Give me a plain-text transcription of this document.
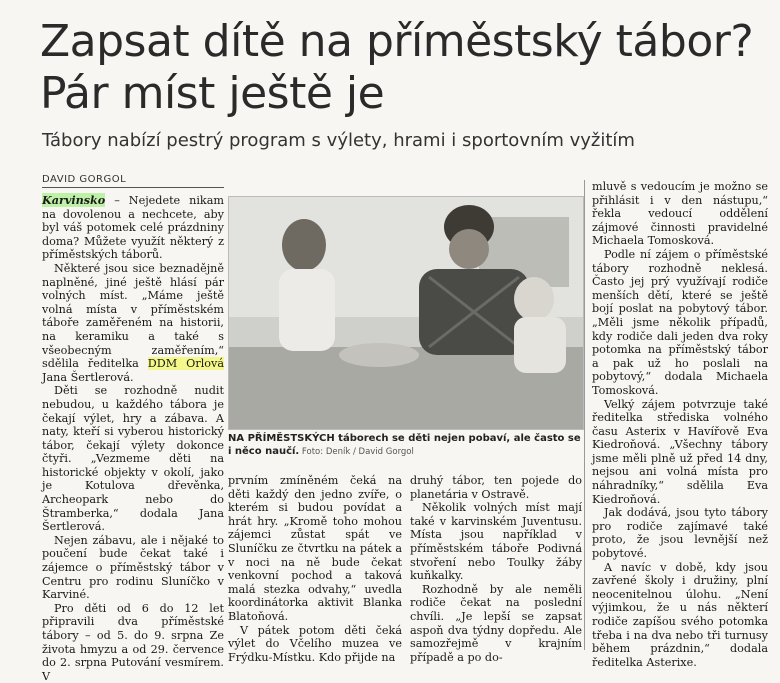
Zapsat dítě na příměstský tábor? Pár míst ještě je
Tábory nabízí pestrý program s výlety, hrami i sportovním vyžitím
DAVID GORGOL

Karvinsko – Nejedete nikam na dovolenou a nechcete, aby byl váš potomek celé prázdniny doma? Můžete využít některý z příměstských táborů.

Některé jsou sice beznadějně naplněné, jiné ještě hlásí pár volných míst. „Máme ještě volná místa v příměstském táboře zaměřeném na historii, na keramiku a také s všeobecným zaměřením,“ sdělila ředitelka DDM Orlová Jana Šertlerová.

Děti se rozhodně nudit nebudou, u každého tábora je čekají výlet, hry a zábava. A naty, kteří si vyberou historický tábor, čekají výlety dokonce čtyři. „Vezmeme děti na historické objekty v okolí, jako je Kotulova dřevěnka, Archeopark nebo do Štramberka,“ dodala Jana Šertlerová.

Nejen zábavu, ale i nějaké to poučení bude čekat také i zájemce o příměstský tábor v Centru pro rodinu Sluníčko v Karviné.

Pro děti od 6 do 12 let připravili dva příměstské tábory – od 5. do 9. srpna Ze života hmyzu a od 29. července do 2. srpna Putování vesmírem. V

NA PŘÍMĚSTSKÝCH táborech se děti nejen pobaví, ale často se i něco naučí. Foto: Deník / David Gorgol

prvním zmíněném čeká na děti každý den jedno zvíře, o kterém si budou povídat a hrát hry. „Kromě toho mohou zájemci zůstat spát ve Sluníčku ze čtvrtku na pátek a v noci na ně bude čekat venkovní pochod a taková malá stezka odvahy,“ uvedla koordinátorka aktivit Blanka Blatoňová.

V pátek potom děti čeká výlet do Včelího muzea ve Frýdku-Místku. Kdo přijde na

druhý tábor, ten pojede do planetária v Ostravě.

Několik volných míst mají také v karvinském Juventusu. Místa jsou například v příměstském táboře Podivná stvoření nebo Toulky žáby kuňkalky.

Rozhodně by ale neměli rodiče čekat na poslední chvíli. „Je lepší se zapsat aspoň dva týdny dopředu. Ale samozřejmě v krajním případě a po do-

mluvě s vedoucím je možno se přihlásit i v den nástupu,“ řekla vedoucí oddělení zájmové činnosti pravidelné Michaela Tomosková.

Podle ní zájem o příměstské tábory rozhodně neklesá. Často jej prý využívají rodiče menších dětí, které se ještě bojí poslat na pobytový tábor. „Měli jsme několik případů, kdy rodiče dali jeden dva roky potomka na příměstský tábor a pak už ho poslali na pobytový,“ dodala Michaela Tomosková.

Velký zájem potvrzuje také ředitelka střediska volného času Asterix v Havířově Eva Kiedroňová. „Všechny tábory jsme měli plně už před 14 dny, nejsou ani volná místa pro náhradníky,“ sdělila Eva Kiedroňová.

Jak dodává, jsou tyto tábory pro rodiče zajímavé také proto, že jsou levnější než pobytové.

A navíc v době, kdy jsou zavřené školy i družiny, plní neocenitelnou úlohu. „Není výjimkou, že u nás některí rodiče zapíšou svého potomka třeba i na dva nebo tři turnusy během prázdnin,“ dodala ředitelka Asterixe.
